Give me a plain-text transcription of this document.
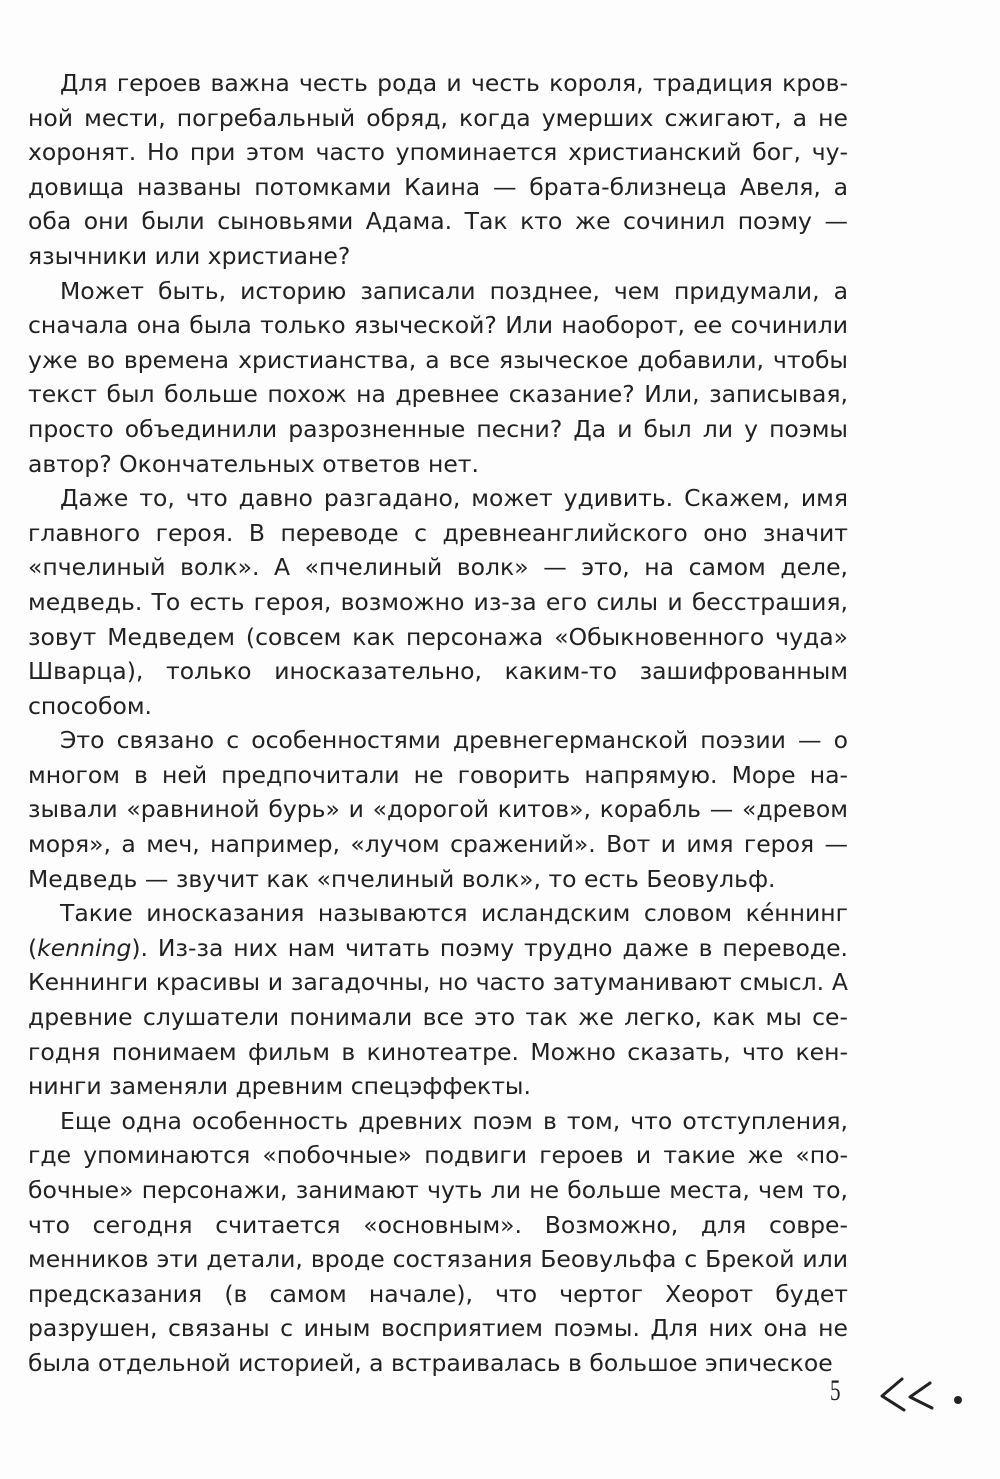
Для героев важна честь рода и честь короля, традиция кровной мести, погребальный обряд, когда умерших сжигают, а не хоронят. Но при этом часто упоминается христианский бог, чудовища названы потомками Каина — брата-близнеца Авеля, а оба они были сыновьями Адама. Так кто же сочинил поэму — язычники или христиане?

Может быть, историю записали позднее, чем придумали, а сначала она была только языческой? Или наоборот, ее сочинили уже во времена христианства, а все языческое добавили, чтобы текст был больше похож на древнее сказание? Или, записывая, просто объединили разрозненные песни? Да и был ли у поэмы автор? Окончательных ответов нет.

Даже то, что давно разгадано, может удивить. Скажем, имя главного героя. В переводе с древнеанглийского оно значит «пчелиный волк». А «пчелиный волк» — это, на самом деле, медведь. То есть героя, возможно из-за его силы и бесстрашия, зовут Медведем (совсем как персонажа «Обыкновенного чуда» Шварца), только иносказательно, каким-то зашифрованным способом.

Это связано с особенностями древнегерманской поэзии — о многом в ней предпочитали не говорить напрямую. Море называли «равниной бурь» и «дорогой китов», корабль — «древом моря», а меч, например, «лучом сражений». Вот и имя героя — Медведь — звучит как «пчелиный волк», то есть Беовульф.

Такие иносказания называются исландским словом ке́ннинг (kenning). Из-за них нам читать поэму трудно даже в переводе. Кеннинги красивы и загадочны, но часто затуманивают смысл. А древние слушатели понимали все это так же легко, как мы сегодня понимаем фильм в кинотеатре. Можно сказать, что кеннинги заменяли древним спецэффекты.

Еще одна особенность древних поэм в том, что отступления, где упоминаются «побочные» подвиги героев и такие же «побочные» персонажи, занимают чуть ли не больше места, чем то, что сегодня считается «основным». Возможно, для современников эти детали, вроде состязания Беовульфа с Брекой или предсказания (в самом начале), что чертог Хеорот будет разрушен, связаны с иным восприятием поэмы. Для них она не была отдельной историей, а встраивалась в большое эпическое

5
